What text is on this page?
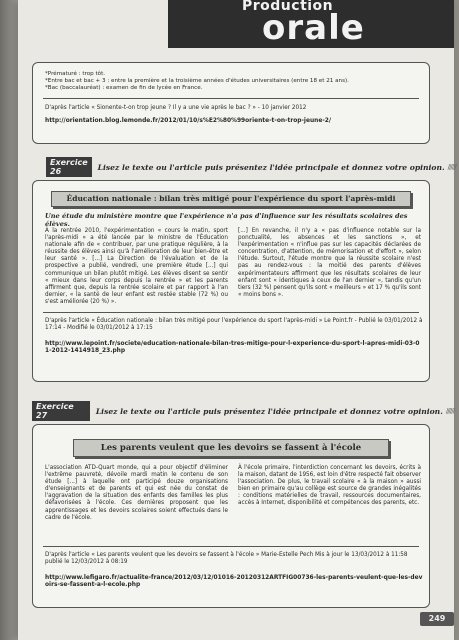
Production
orale
*Prématuré : trop tôt.
*Entre bac et bac + 3 : entre la première et la troisième années d'études universitaires (entre 18 et 21 ans).
*Bac (baccalauréat) : examen de fin de lycée en France.
D'après l'article « Sionente-t-on trop jeune ? Il y a une vie après le bac ? » - 10 janvier 2012
http://orientation.blog.lemonde.fr/2012/01/10/s%E2%80%99oriente-t-on-trop-jeune-2/
Exercice 26	Lisez le texte ou l'article puis présentez l'idée principale et donnez votre opinion. //////
Éducation nationale : bilan très mitigé pour l'expérience du sport l'après-midi
Une étude du ministère montre que l'expérience n'a pas d'influence sur les résultats scolaires des élèves.
À la rentrée 2010, l'expérimentation « cours le matin, sport l'après-midi » a été lancée par le ministre de l'Éducation nationale afin de « contribuer, par une pratique régulière, à la réussite des élèves ainsi qu'à l'amélioration de leur bien-être et leur santé ». [...] La Direction de l'évaluation et de la prospective a publié, vendredi, une première étude [...] qui communique un bilan plutôt mitigé. Les élèves disent se sentir « mieux dans leur corps depuis la rentrée » et les parents affirment que, depuis la rentrée scolaire et par rapport à l'an dernier, « la santé de leur enfant est restée stable (72 %) ou s'est améliorée (20 %) ».
[...] En revanche, il n'y a « pas d'influence notable sur la ponctualité, les absences et les sanctions », et l'expérimentation « n'influe pas sur les capacités déclarées de concentration, d'attention, de mémorisation et d'effort », selon l'étude. Surtout, l'étude montre que la réussite scolaire n'est pas au rendez-vous : la moitié des parents d'élèves expérimentateurs affirment que les résultats scolaires de leur enfant sont « identiques à ceux de l'an dernier », tandis qu'un tiers (32 %) pensent qu'ils sont « meilleurs » et 17 % qu'ils sont « moins bons ».
D'après l'article « Éducation nationale : bilan très mitigé pour l'expérience du sport l'après-midi » Le Point.fr - Publié le 03/01/2012 à 17:14 - Modifié le 03/01/2012 à 17:15
http://www.lepoint.fr/societe/education-nationale-bilan-tres-mitige-pour-l-experience-du-sport-l-apres-midi-03-01-2012-1414918_23.php
Exercice 27	Lisez le texte ou l'article puis présentez l'idée principale et donnez votre opinion. //////
Les parents veulent que les devoirs se fassent à l'école
L'association ATD-Quart monde, qui a pour objectif d'éliminer l'extrême pauvreté, dévoile mardi matin le contenu de son étude [...] à laquelle ont participé douze organisations d'enseignants et de parents et qui est née du constat de l'aggravation de la situation des enfants des familles les plus défavorisées à l'école. Ces dernières proposent que les apprentissages et les devoirs scolaires soient effectués dans le cadre de l'école.
À l'école primaire, l'interdiction concernant les devoirs, écrits à la maison, datant de 1956, est loin d'être respecté fait observer l'association. De plus, le travail scolaire « à la maison » aussi bien en primaire qu'au collège est source de grandes inégalités : conditions matérielles de travail, ressources documentaires, accès à Internet, disponibilité et compétences des parents, etc.
D'après l'article « Les parents veulent que les devoirs se fassent à l'école » Marie-Estelle Pech Mis à jour le 13/03/2012 à 11:58 publié le 12/03/2012 à 08:19
http://www.lefigaro.fr/actualite-france/2012/03/12/01016-20120312ARTFIG00736-les-parents-veulent-que-les-devoirs-se-fassent-a-l-ecole.php
249
